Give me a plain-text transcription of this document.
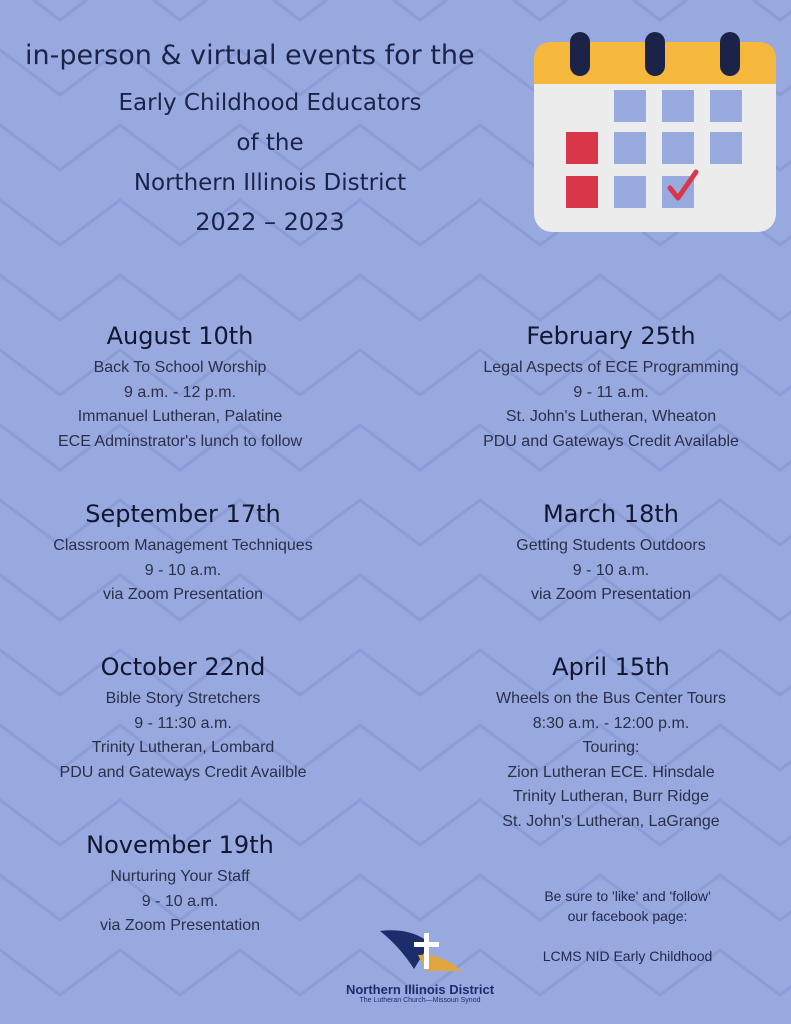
in-person & virtual events for the
Early Childhood Educators
of the
Northern Illinois District
2022 – 2023
August 10th
Back To School Worship
9 a.m. - 12 p.m.
Immanuel Lutheran, Palatine
ECE Adminstrator's lunch to follow
September 17th
Classroom Management Techniques
9 - 10 a.m.
via Zoom Presentation
October 22nd
Bible Story Stretchers
9 - 11:30 a.m.
Trinity Lutheran, Lombard
PDU and Gateways Credit Availble
November 19th
Nurturing Your Staff
9 - 10 a.m.
via Zoom Presentation
February 25th
Legal Aspects of ECE Programming
9 - 11 a.m.
St. John's Lutheran, Wheaton
PDU and Gateways Credit Available
March 18th
Getting Students Outdoors
9 - 10 a.m.
via Zoom Presentation
April 15th
Wheels on the Bus Center Tours
8:30 a.m. - 12:00 p.m.
Touring:
Zion Lutheran ECE. Hinsdale
Trinity Lutheran, Burr Ridge
St. John's Lutheran, LaGrange
Be sure to 'like' and 'follow'
our facebook page:
LCMS NID Early Childhood
Northern Illinois District
The Lutheran Church—Missouri Synod
